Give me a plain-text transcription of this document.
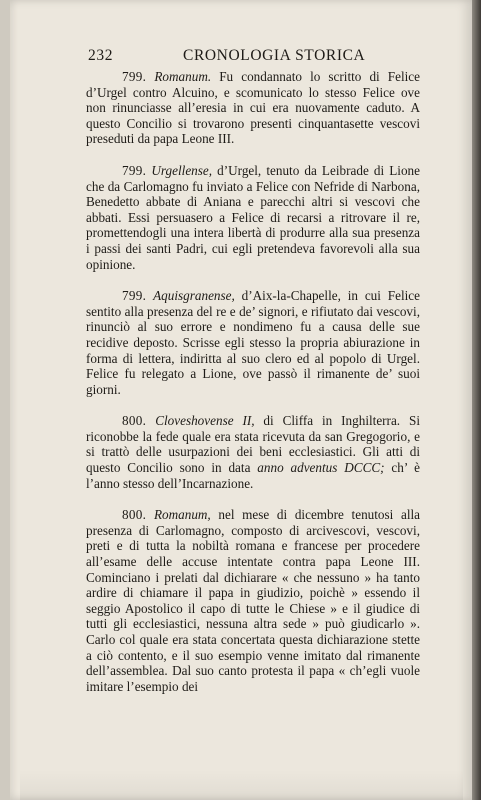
232	CRONOLOGIA STORICA

799. Romanum. Fu condannato lo scritto di Felice d’Urgel contro Alcuino, e scomunicato lo stesso Felice ove non rinunciasse all’eresia in cui era nuovamente caduto. A questo Concilio si trovarono presenti cinquantasette vescovi preseduti da papa Leone III.

799. Urgellense, d’Urgel, tenuto da Leibrade di Lione che da Carlomagno fu inviato a Felice con Nefride di Narbona, Benedetto abbate di Aniana e parecchi altri si vescovi che abbati. Essi persuasero a Felice di recarsi a ritrovare il re, promettendogli una intera libertà di produrre alla sua presenza i passi dei santi Padri, cui egli pretendeva favorevoli alla sua opinione.

799. Aquisgranense, d’Aix-la-Chapelle, in cui Felice sentito alla presenza del re e de’ signori, e rifiutato dai vescovi, rinunciò al suo errore e nondimeno fu a causa delle sue recidive deposto. Scrisse egli stesso la propria abiurazione in forma di lettera, indiritta al suo clero ed al popolo di Urgel. Felice fu relegato a Lione, ove passò il rimanente de’ suoi giorni.

800. Cloveshovense II, di Cliffa in Inghilterra. Si riconobbe la fede quale era stata ricevuta da san Gregogorio, e si trattò delle usurpazioni dei beni ecclesiastici. Gli atti di questo Concilio sono in data anno adventus DCCC; ch’ è l’anno stesso dell’Incarnazione.

800. Romanum, nel mese di dicembre tenutosi alla presenza di Carlomagno, composto di arcivescovi, vescovi, preti e di tutta la nobiltà romana e francese per procedere all’esame delle accuse intentate contra papa Leone III. Cominciano i prelati dal dichiarare « che nessuno » ha tanto ardire di chiamare il papa in giudizio, poichè » essendo il seggio Apostolico il capo di tutte le Chiese » e il giudice di tutti gli ecclesiastici, nessuna altra sede » può giudicarlo ». Carlo col quale era stata concertata questa dichiarazione stette a ciò contento, e il suo esempio venne imitato dal rimanente dell’assemblea. Dal suo canto protesta il papa « ch’egli vuole imitare l’esempio dei
